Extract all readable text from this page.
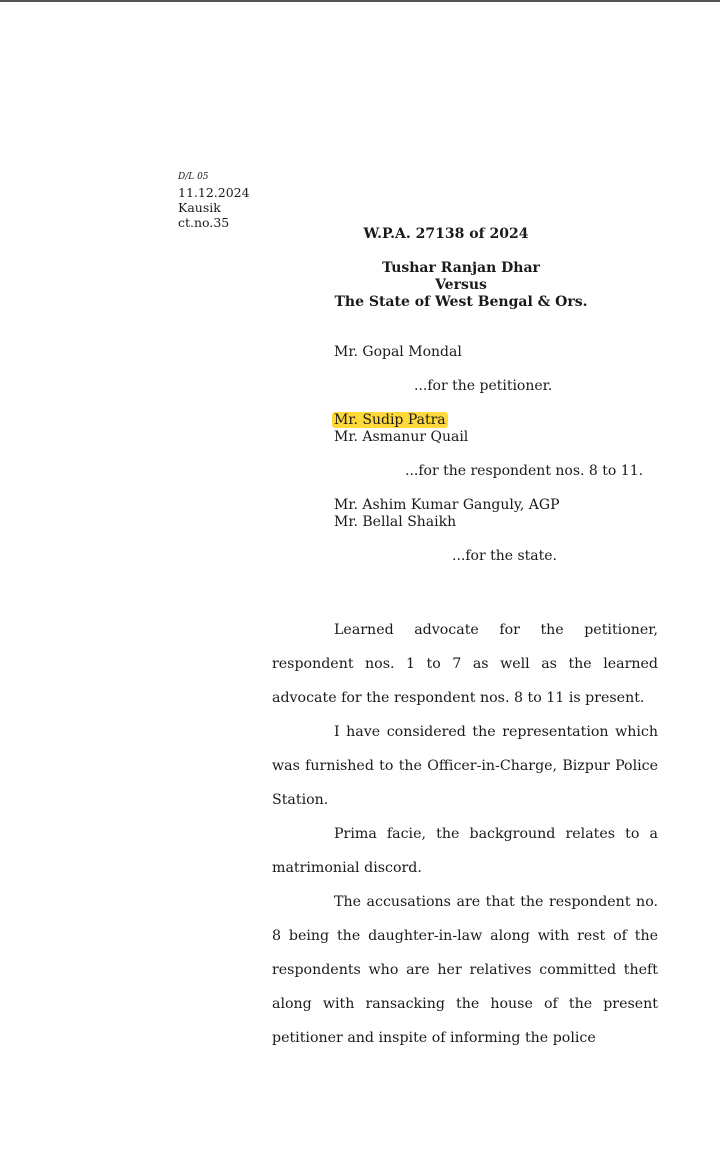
D/L 05
11.12.2024
Kausik
ct.no.35
W.P.A. 27138 of 2024
Tushar Ranjan Dhar
Versus
The State of West Bengal & Ors.
Mr. Gopal Mondal
...for the petitioner.
Mr. Sudip Patra
Mr. Asmanur Quail
...for the respondent nos. 8 to 11.
Mr. Ashim Kumar Ganguly, AGP
Mr. Bellal Shaikh
...for the state.

Learned advocate for the petitioner, respondent nos. 1 to 7 as well as the learned advocate for the respondent nos. 8 to 11 is present.

I have considered the representation which was furnished to the Officer-in-Charge, Bizpur Police Station.

Prima facie, the background relates to a matrimonial discord.

The accusations are that the respondent no. 8 being the daughter-in-law along with rest of the respondents who are her relatives committed theft along with ransacking the house of the present petitioner and inspite of informing the police
